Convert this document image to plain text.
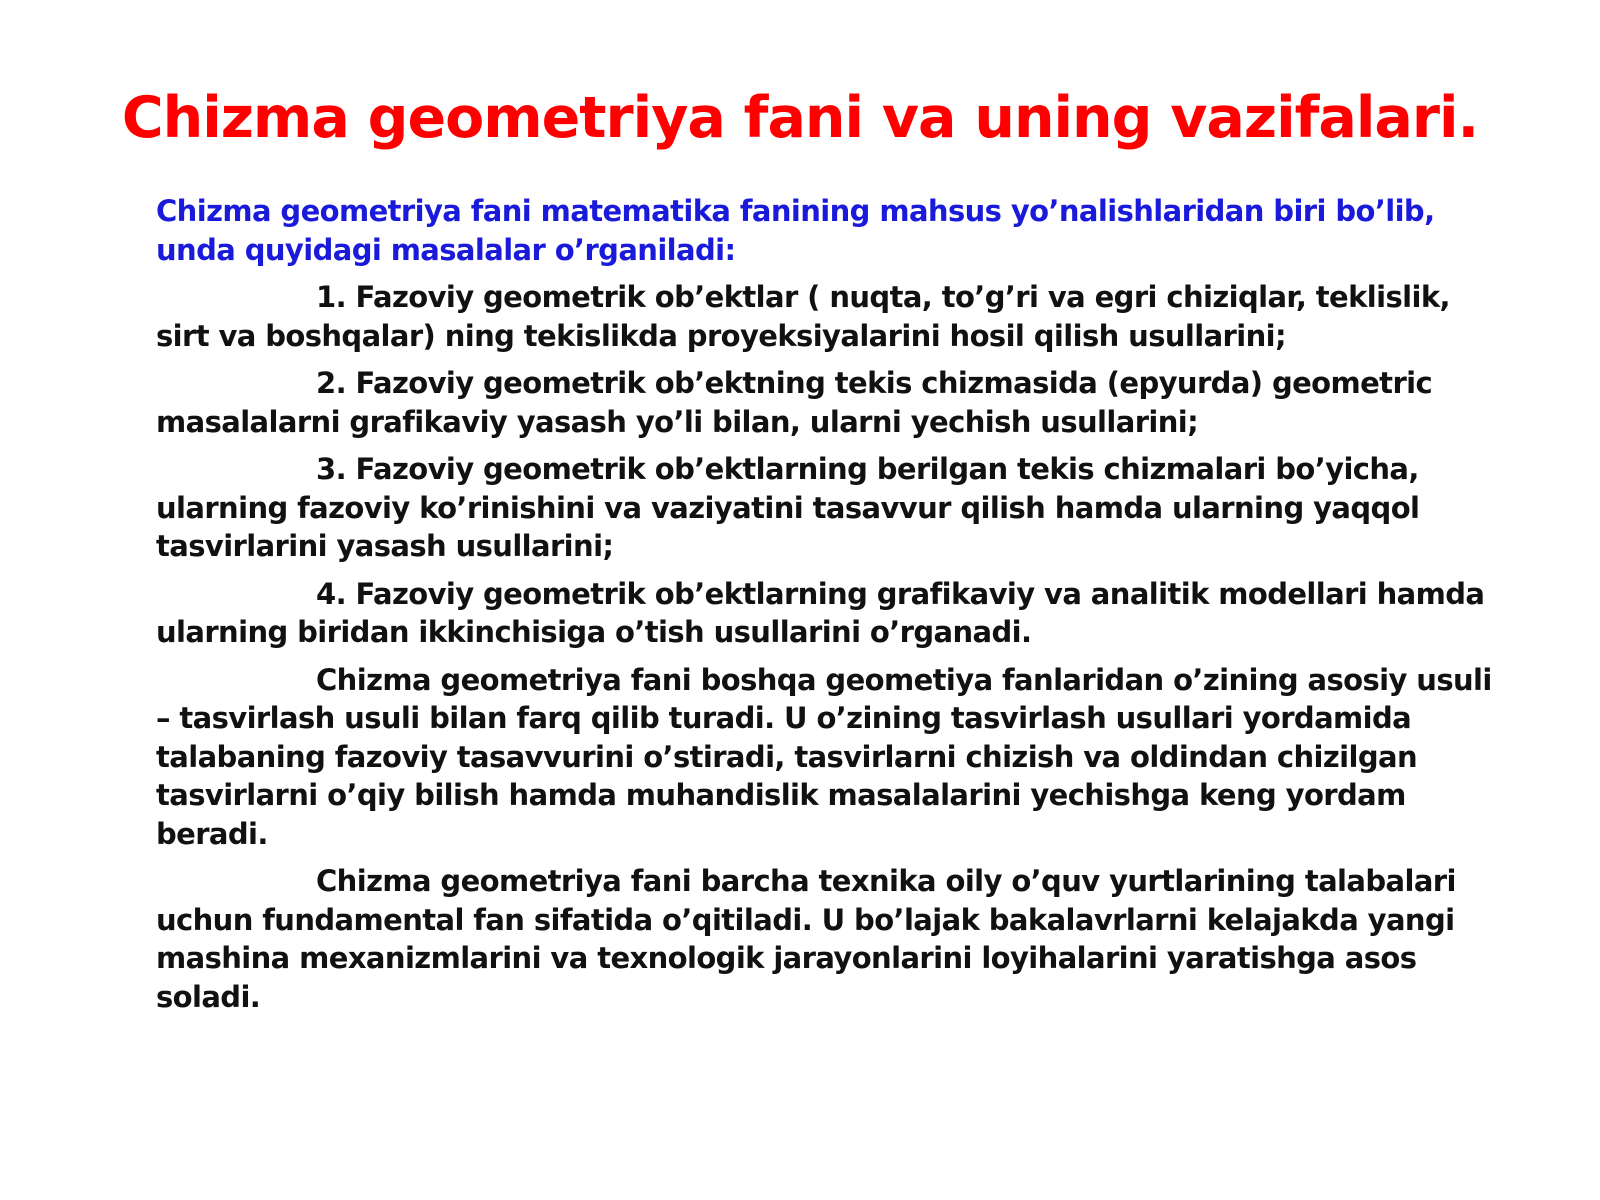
Chizma geometriya fani va uning vazifalari.

Chizma geometriya fani matematika fanining mahsus yo’nalishlaridan biri bo’lib, unda quyidagi masalalar o’rganiladi:

1. Fazoviy geometrik ob’ektlar ( nuqta, to’g’ri va egri chiziqlar, teklislik, sirt va boshqalar) ning tekislikda proyeksiyalarini hosil qilish usullarini;

2. Fazoviy geometrik ob’ektning tekis chizmasida (epyurda) geometric masalalarni grafikaviy yasash yo’li bilan, ularni yechish usullarini;

3. Fazoviy geometrik ob’ektlarning berilgan tekis chizmalari bo’yicha, ularning fazoviy ko’rinishini va vaziyatini tasavvur qilish hamda ularning yaqqol tasvirlarini yasash usullarini;

4. Fazoviy geometrik ob’ektlarning grafikaviy va analitik modellari hamda ularning biridan ikkinchisiga o’tish usullarini o’rganadi.

Chizma geometriya fani boshqa geometiya fanlaridan o’zining asosiy usuli – tasvirlash usuli bilan farq qilib turadi. U o’zining tasvirlash usullari yordamida talabaning fazoviy tasavvurini o’stiradi, tasvirlarni chizish va oldindan chizilgan tasvirlarni o’qiy bilish hamda muhandislik masalalarini yechishga keng yordam beradi.

Chizma geometriya fani barcha texnika oily o’quv yurtlarining talabalari uchun fundamental fan sifatida o’qitiladi. U bo’lajak bakalavrlarni kelajakda yangi mashina mexanizmlarini va texnologik jarayonlarini loyihalarini yaratishga asos soladi.
